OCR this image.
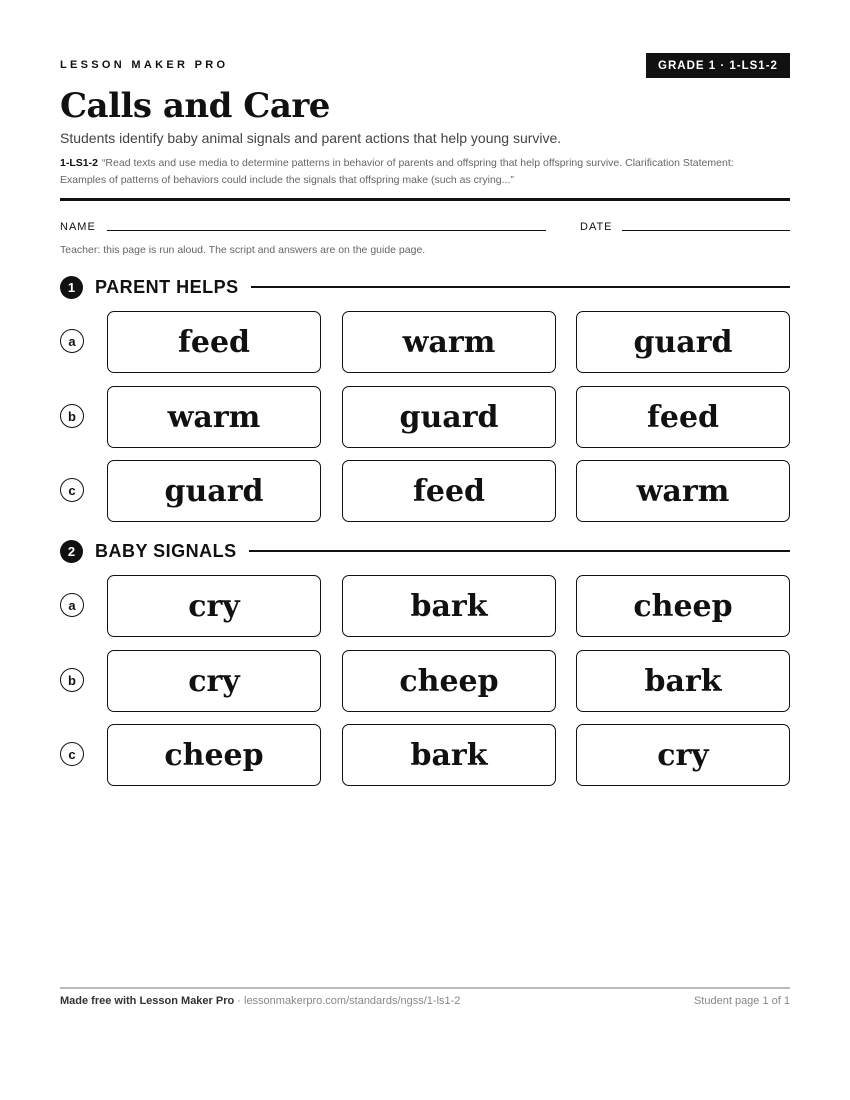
LESSON MAKER PRO	GRADE 1 · 1-LS1-2
Calls and Care
Students identify baby animal signals and parent actions that help young survive.
1-LS1-2 “Read texts and use media to determine patterns in behavior of parents and offspring that help offspring survive. Clarification Statement: Examples of patterns of behaviors could include the signals that offspring make (such as crying...”
NAME	DATE
Teacher: this page is run aloud. The script and answers are on the guide page.
1	PARENT HELPS
a	feed	warm	guard
b	warm	guard	feed
c	guard	feed	warm
2	BABY SIGNALS
a	cry	bark	cheep
b	cry	cheep	bark
c	cheep	bark	cry
Made free with Lesson Maker Pro · lessonmakerpro.com/standards/ngss/1-ls1-2	Student page 1 of 1
